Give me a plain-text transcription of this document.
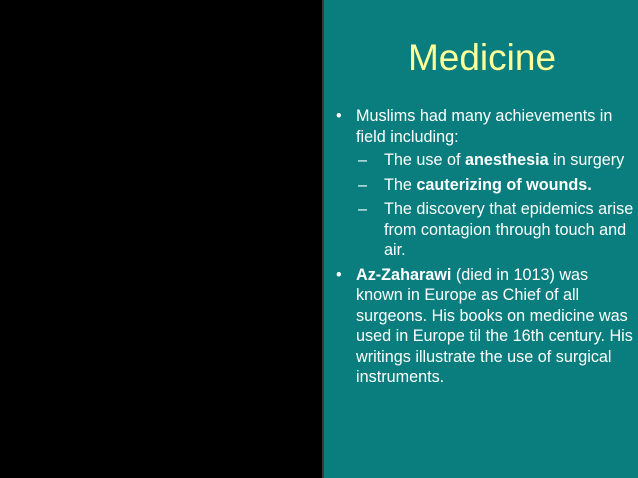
Medicine
• Muslims had many achievements in field including:
– The use of anesthesia in surgery
– The cauterizing of wounds.
– The discovery that epidemics arise from contagion through touch and air.
• Az-Zaharawi (died in 1013) was known in Europe as Chief of all surgeons. His books on medicine was used in Europe til the 16th century. His writings illustrate the use of surgical instruments.
